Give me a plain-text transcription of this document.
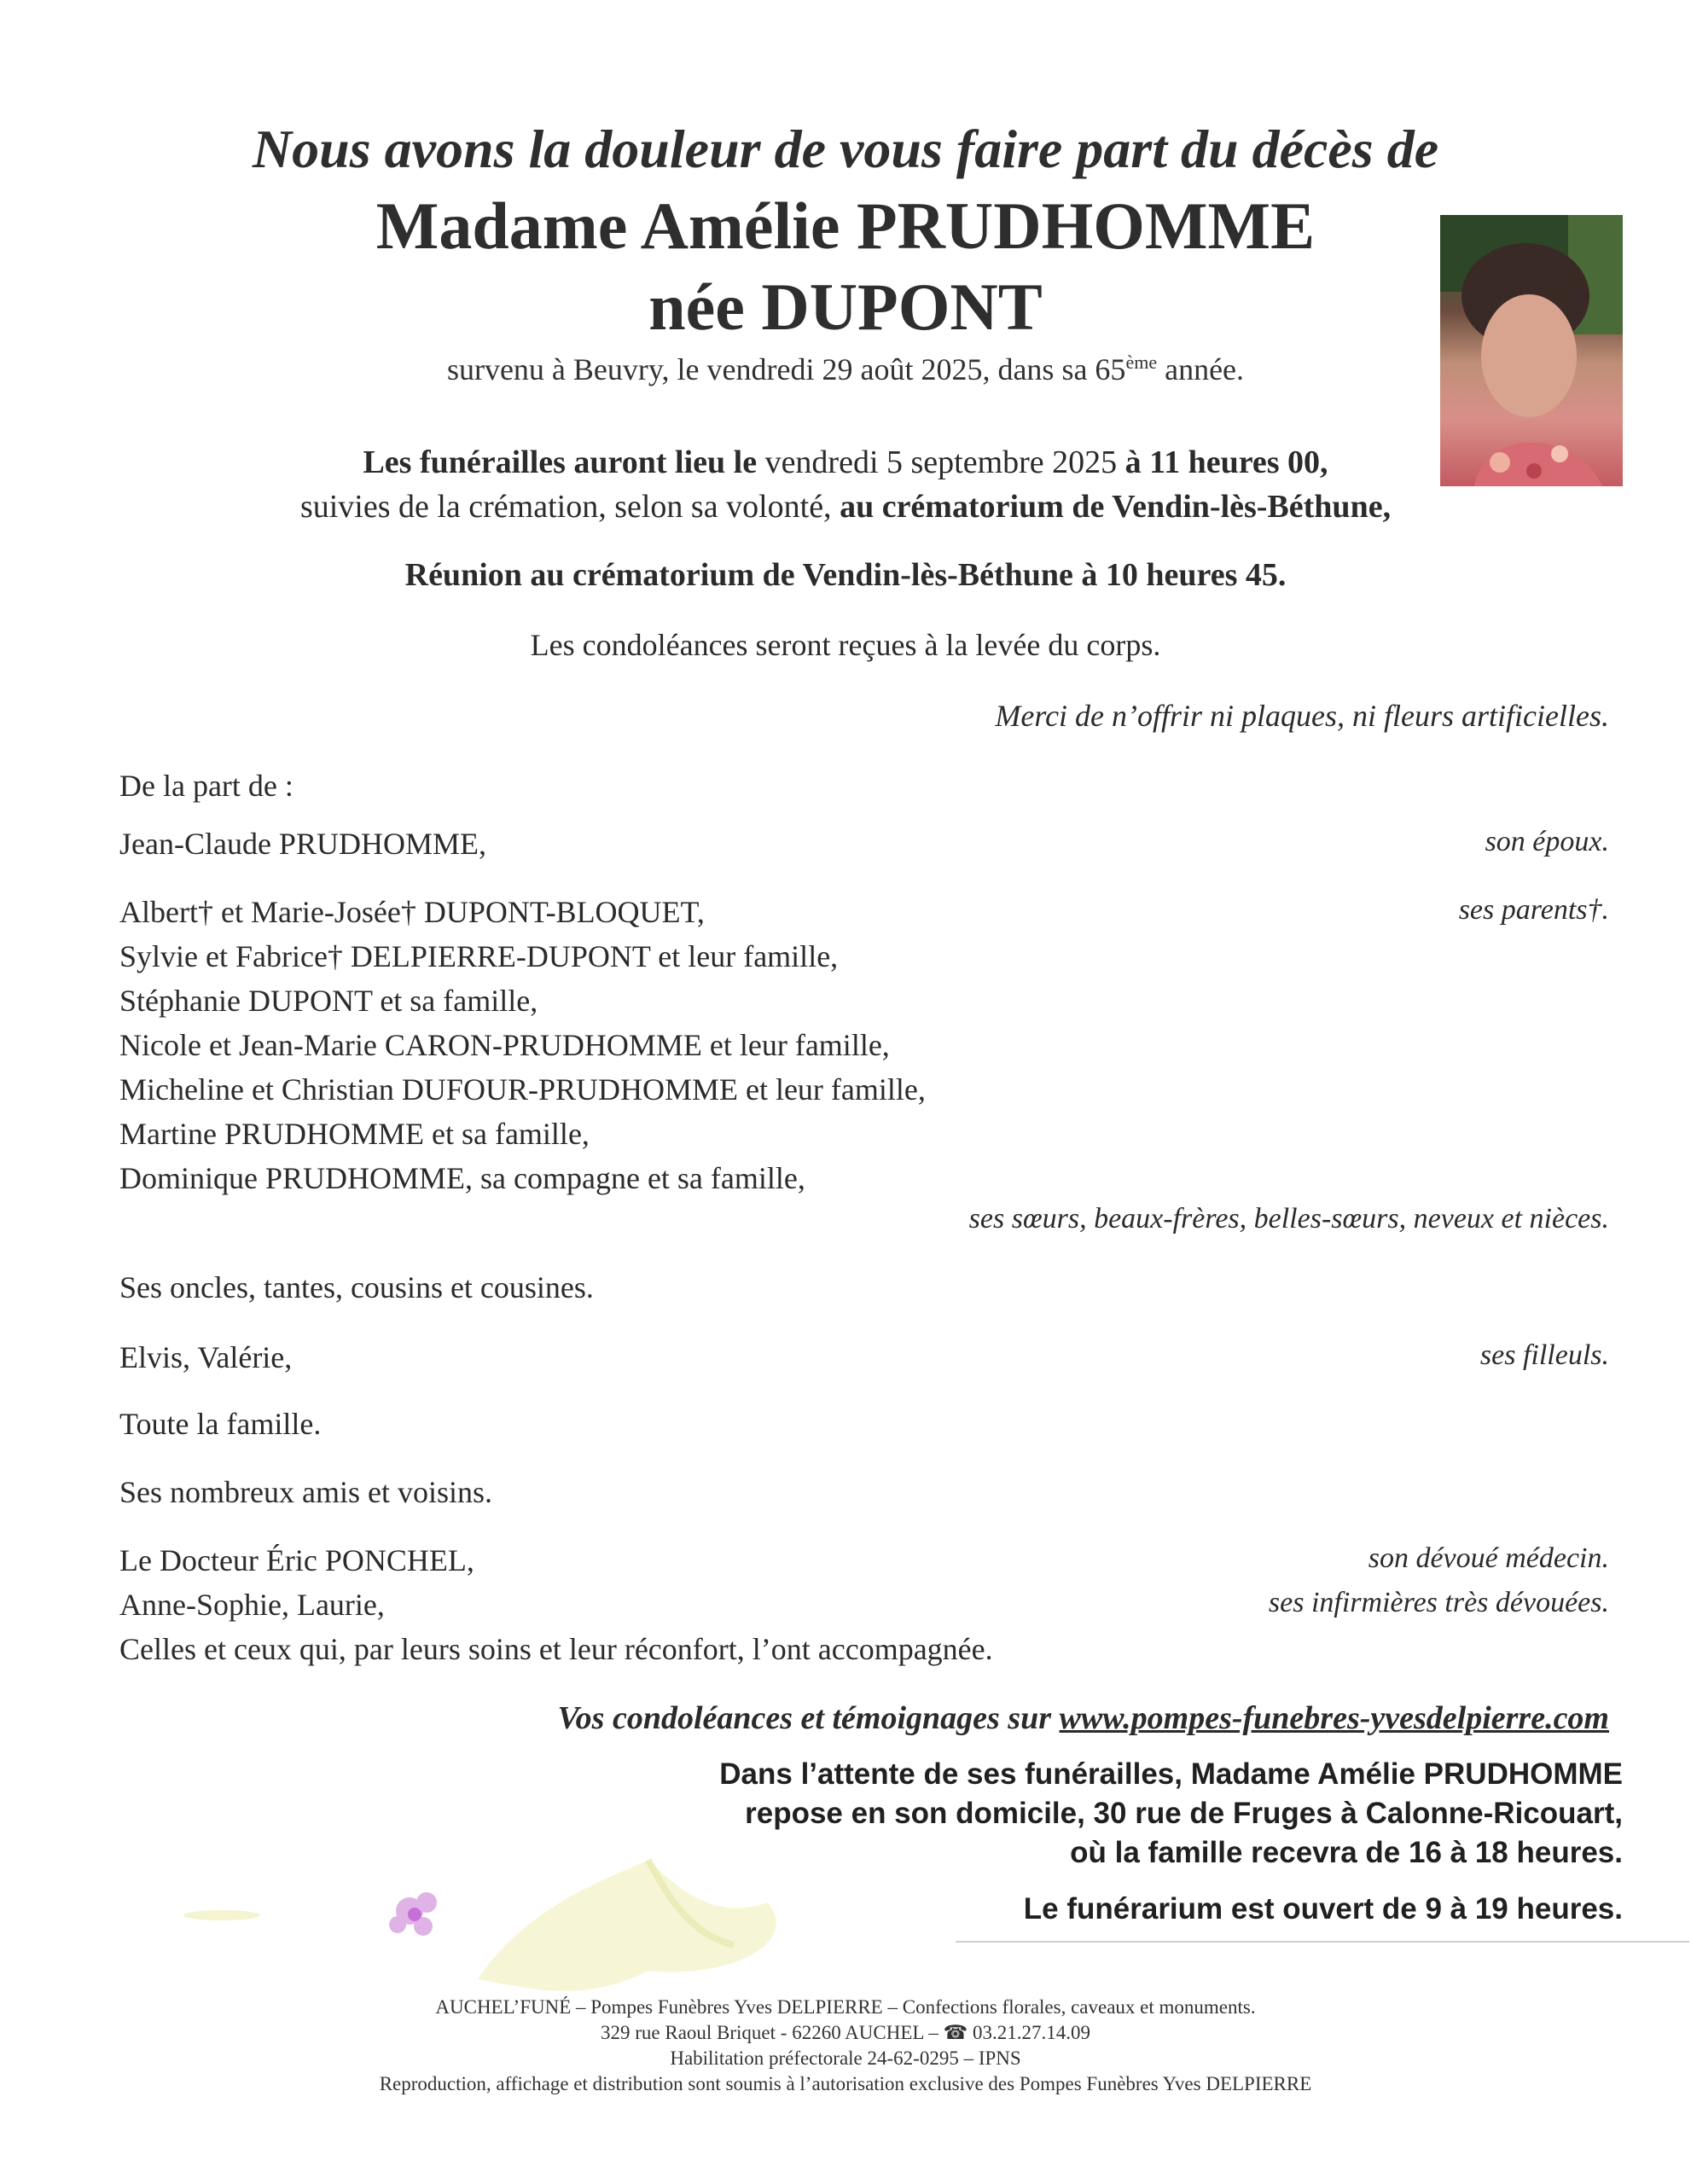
Nous avons la douleur de vous faire part du décès de
Madame Amélie PRUDHOMME
née DUPONT
survenu à Beuvry, le vendredi 29 août 2025, dans sa 65ème année.
Les funérailles auront lieu le vendredi 5 septembre 2025 à 11 heures 00,
suivies de la crémation, selon sa volonté, au crématorium de Vendin-lès-Béthune,
Réunion au crématorium de Vendin-lès-Béthune à 10 heures 45.
Les condoléances seront reçues à la levée du corps.
Merci de n’offrir ni plaques, ni fleurs artificielles.
De la part de :
Jean-Claude PRUDHOMME,	son époux.
Albert† et Marie-Josée† DUPONT-BLOQUET,	ses parents†.
Sylvie et Fabrice† DELPIERRE-DUPONT et leur famille,
Stéphanie DUPONT et sa famille,
Nicole et Jean-Marie CARON-PRUDHOMME et leur famille,
Micheline et Christian DUFOUR-PRUDHOMME et leur famille,
Martine PRUDHOMME et sa famille,
Dominique PRUDHOMME, sa compagne et sa famille,
ses sœurs, beaux-frères, belles-sœurs, neveux et nièces.
Ses oncles, tantes, cousins et cousines.
Elvis, Valérie,	ses filleuls.
Toute la famille.
Ses nombreux amis et voisins.
Le Docteur Éric PONCHEL,	son dévoué médecin.
Anne-Sophie, Laurie,	ses infirmières très dévouées.
Celles et ceux qui, par leurs soins et leur réconfort, l’ont accompagnée.
Vos condoléances et témoignages sur www.pompes-funebres-yvesdelpierre.com
Dans l’attente de ses funérailles, Madame Amélie PRUDHOMME
repose en son domicile, 30 rue de Fruges à Calonne-Ricouart,
où la famille recevra de 16 à 18 heures.
Le funérarium est ouvert de 9 à 19 heures.
AUCHEL’FUNÉ – Pompes Funèbres Yves DELPIERRE – Confections florales, caveaux et monuments.
329 rue Raoul Briquet - 62260 AUCHEL – ☎ 03.21.27.14.09
Habilitation préfectorale 24-62-0295 – IPNS
Reproduction, affichage et distribution sont soumis à l’autorisation exclusive des Pompes Funèbres Yves DELPIERRE
